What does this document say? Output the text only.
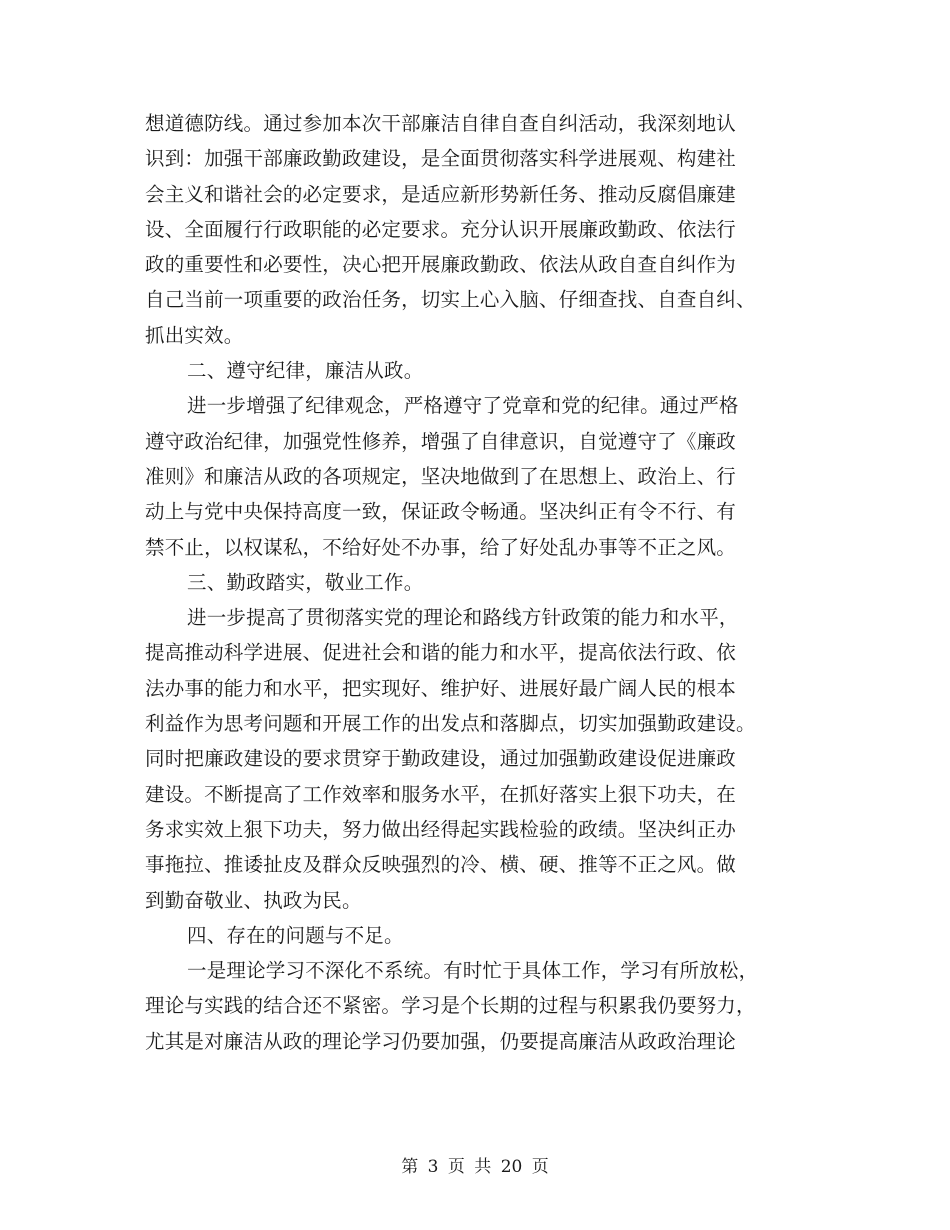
想道德防线。通过参加本次干部廉洁自律自查自纠活动，我深刻地认
识到：加强干部廉政勤政建设，是全面贯彻落实科学进展观、构建社
会主义和谐社会的必定要求，是适应新形势新任务、推动反腐倡廉建
设、全面履行行政职能的必定要求。充分认识开展廉政勤政、依法行
政的重要性和必要性，决心把开展廉政勤政、依法从政自查自纠作为
自己当前一项重要的政治任务，切实上心入脑、仔细查找、自查自纠、
抓出实效。
二、遵守纪律，廉洁从政。
进一步增强了纪律观念，严格遵守了党章和党的纪律。通过严格
遵守政治纪律，加强党性修养，增强了自律意识，自觉遵守了《廉政
准则》和廉洁从政的各项规定，坚决地做到了在思想上、政治上、行
动上与党中央保持高度一致，保证政令畅通。坚决纠正有令不行、有
禁不止，以权谋私，不给好处不办事，给了好处乱办事等不正之风。
三、勤政踏实，敬业工作。
进一步提高了贯彻落实党的理论和路线方针政策的能力和水平，
提高推动科学进展、促进社会和谐的能力和水平，提高依法行政、依
法办事的能力和水平，把实现好、维护好、进展好最广阔人民的根本
利益作为思考问题和开展工作的出发点和落脚点，切实加强勤政建设。
同时把廉政建设的要求贯穿于勤政建设，通过加强勤政建设促进廉政
建设。不断提高了工作效率和服务水平，在抓好落实上狠下功夫，在
务求实效上狠下功夫，努力做出经得起实践检验的政绩。坚决纠正办
事拖拉、推诿扯皮及群众反映强烈的冷、横、硬、推等不正之风。做
到勤奋敬业、执政为民。
四、存在的问题与不足。
一是理论学习不深化不系统。有时忙于具体工作，学习有所放松，
理论与实践的结合还不紧密。学习是个长期的过程与积累我仍要努力，
尤其是对廉洁从政的理论学习仍要加强，仍要提高廉洁从政政治理论
第 3 页 共 20 页
